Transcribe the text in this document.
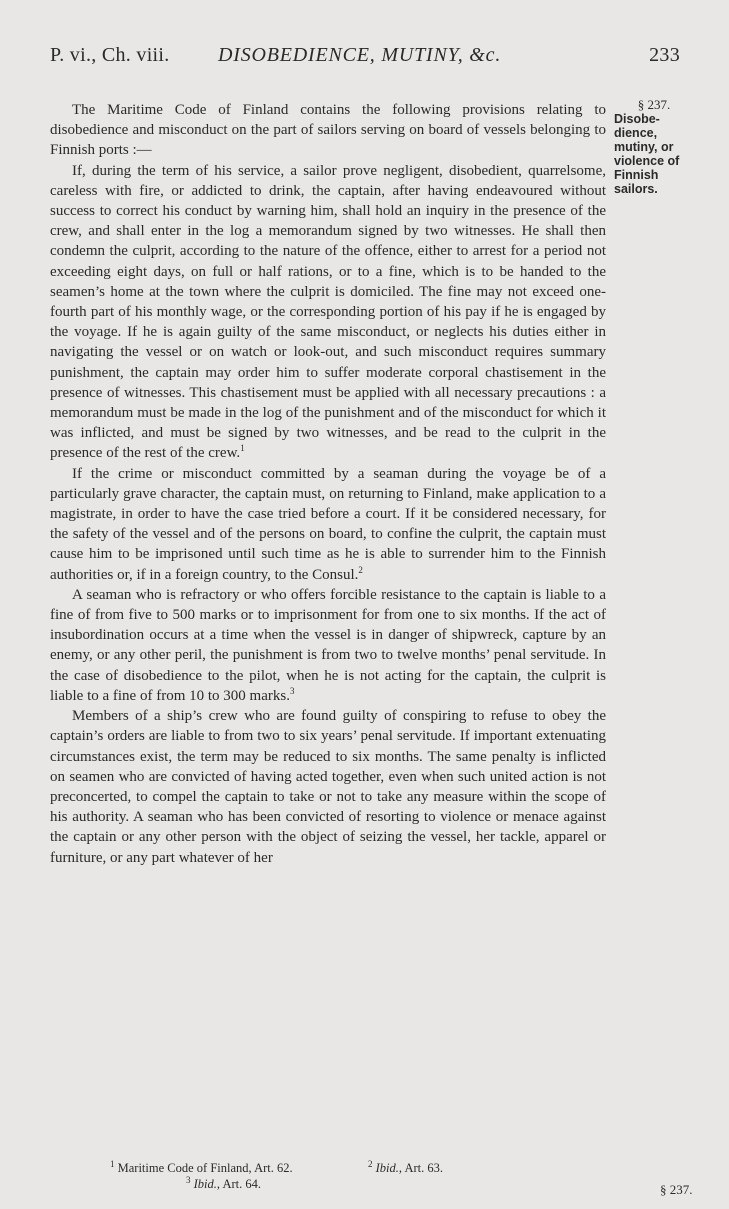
P. vi., Ch. viii. DISOBEDIENCE, MUTINY, &c.	233
§ 237.
Disobe-dience, mutiny, or violence of Finnish sailors.

The Maritime Code of Finland contains the following provisions relating to disobedience and misconduct on the part of sailors serving on board of vessels belonging to Finnish ports :—

If, during the term of his service, a sailor prove negligent, disobedient, quarrelsome, careless with fire, or addicted to drink, the captain, after having endeavoured without success to correct his conduct by warning him, shall hold an inquiry in the presence of the crew, and shall enter in the log a memorandum signed by two witnesses. He shall then condemn the culprit, according to the nature of the offence, either to arrest for a period not exceeding eight days, on full or half rations, or to a fine, which is to be handed to the seamen’s home at the town where the culprit is domiciled. The fine may not exceed one-fourth part of his monthly wage, or the corresponding portion of his pay if he is engaged by the voyage. If he is again guilty of the same misconduct, or neglects his duties either in navigating the vessel or on watch or look-out, and such misconduct requires summary punishment, the captain may order him to suffer moderate corporal chastisement in the presence of witnesses. This chastisement must be applied with all necessary precautions : a memorandum must be made in the log of the punishment and of the misconduct for which it was inflicted, and must be signed by two witnesses, and be read to the culprit in the presence of the rest of the crew.$^1$

If the crime or misconduct committed by a seaman during the voyage be of a particularly grave character, the captain must, on returning to Finland, make application to a magistrate, in order to have the case tried before a court. If it be considered necessary, for the safety of the vessel and of the persons on board, to confine the culprit, the captain must cause him to be imprisoned until such time as he is able to surrender him to the Finnish authorities or, if in a foreign country, to the Consul.$^2$

A seaman who is refractory or who offers forcible resistance to the captain is liable to a fine of from five to 500 marks or to imprisonment for from one to six months. If the act of insubordination occurs at a time when the vessel is in danger of shipwreck, capture by an enemy, or any other peril, the punishment is from two to twelve months’ penal servitude. In the case of disobedience to the pilot, when he is not acting for the captain, the culprit is liable to a fine of from 10 to 300 marks.$^3$

Members of a ship’s crew who are found guilty of conspiring to refuse to obey the captain’s orders are liable to from two to six years’ penal servitude. If important extenuating circumstances exist, the term may be reduced to six months. The same penalty is inflicted on seamen who are convicted of having acted together, even when such united action is not preconcerted, to compel the captain to take or not to take any measure within the scope of his authority. A seaman who has been convicted of resorting to violence or menace against the captain or any other person with the object of seizing the vessel, her tackle, apparel or furniture, or any part whatever of her

$^1$ Maritime Code of Finland, Art. 62.	$^2$ Ibid., Art. 63.
$^3$ Ibid., Art. 64.	§ 237.
